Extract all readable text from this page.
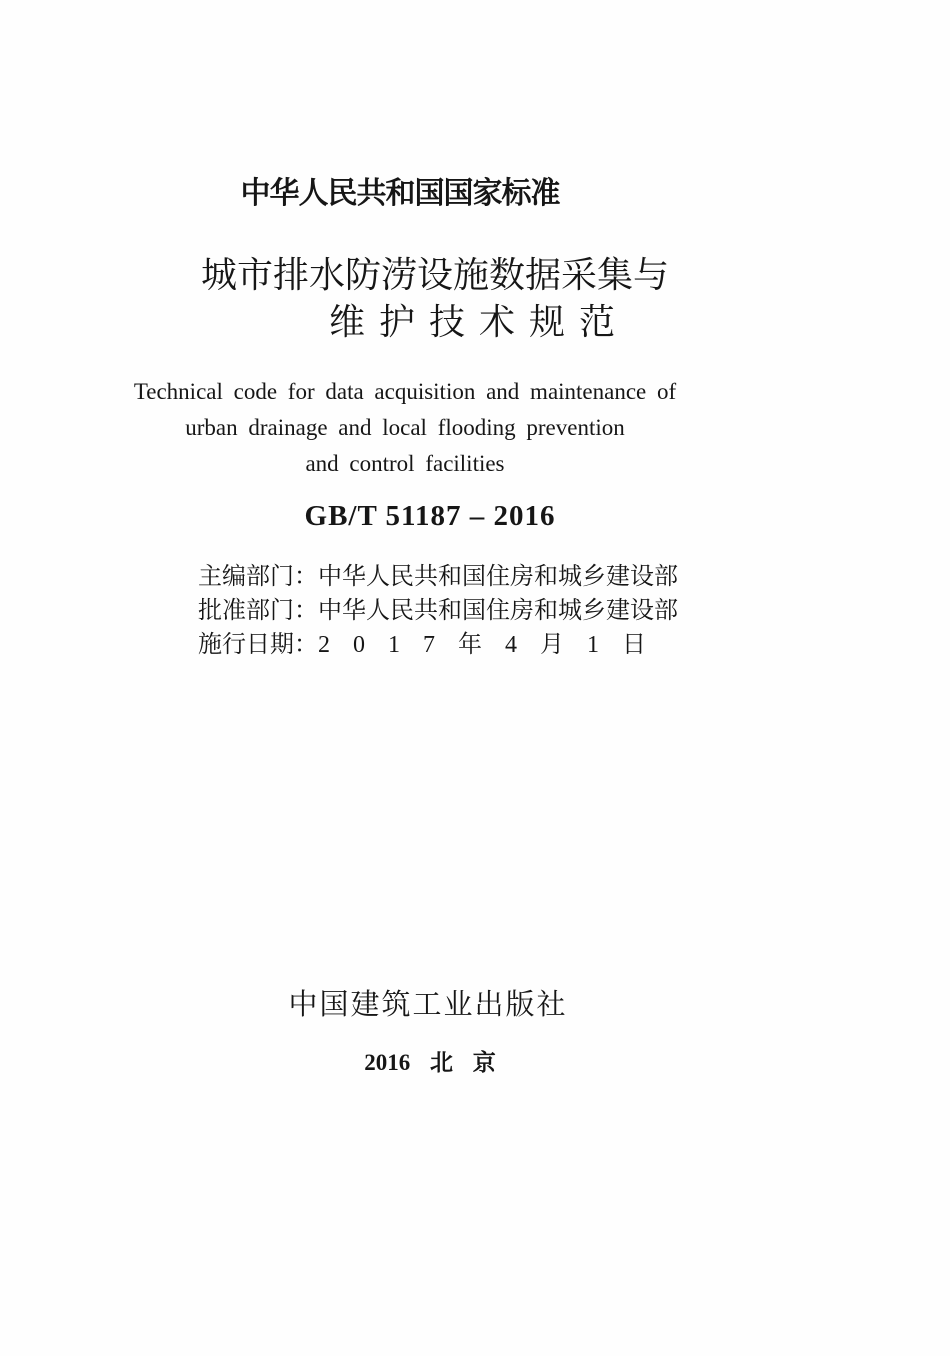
中华人民共和国国家标准
城市排水防涝设施数据采集与
维护技术规范
Technical code for data acquisition and maintenance of
urban drainage and local flooding prevention
and control facilities
GB/T 51187 – 2016
主编部门：中华人民共和国住房和城乡建设部
批准部门：中华人民共和国住房和城乡建设部
施行日期：2 0 1 7 年 4 月 1 日
中国建筑工业出版社
2016 北 京
